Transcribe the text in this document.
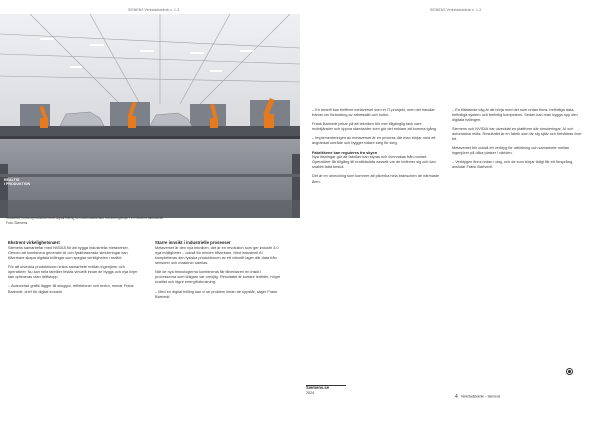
SIEMENS Verkstadsteknik s. 1-3	SIEMENS Verkstadsteknik s. 1-3
REALTID
I PRODUKTION
Industriell fordonsproduktion med digital tvilling och automatiserade monteringslinjer i en modern fabrikshall.
Foto: Siemens
Ekstrent virkelighetsnært

Siemens samarbetar med NVIDIA för att bygga industriella metaverser. Genom att kombinera generativ AI och fysikbaserade simuleringar kan tillverkare skapa digitala tvillingar som speglar verkligheten i realtid.

För att utveckla produktionen krävs samarbete mellan ingenjörer och operatörer. Nu kan hela fabriker testas virtuellt innan de byggs och nya linjer kan optimeras utan driftstopp.

– Avancerad grafik lägger till skuggor, reflektioner och textur, menar Frank Bartvedt, chef för digital industri.

Starre innsikt i industrielle prosesser

Metaverset är den nya tekniken, det är en revolution som ger industri 4.0 nya möjligheter – också för mindre tillverkare. Med industriell AI kompletteras den fysiska produktionen av ett virtuellt lager där data från sensorer och maskiner samlas.

När de nya teknologierna kombineras får tillverkaren en insikt i processerna som tidigare var omöjlig. Resultatet är kortare ledtider, högre kvalitet och lägre energiförbrukning.

– Med en digital tvilling kan vi se problem innan de uppstår, säger Frank Bartvedt.

– En bedrift kan trefferet metaverset som et IT-prosjekt, men det handlar främst om förändring av arbetssätt och kultur.

Frank Bartvedt pekar på att tekniken blir mer tillgänglig tack vare molntjänster och öppna standarder som gör det enklare att komma igång.

– Implementeringen av metaverset är en process där man börjar med ett avgränsat område och bygger vidare steg för steg.

Fabrikkene kan reguleres fra skyen

Nya lösningar gör att fabriker kan styras och övervakas från molnet. Operatörer får tillgång till realtidsdata oavsett var de befinner sig och kan snabbt fatta beslut.

Det är en utveckling som kommer att påverka hela branschen de närmaste åren.

– En tilltalande väg är att börja med det som redan finns: befintliga data, befintliga system och befintlig kompetens. Sedan kan man bygga upp den digitala tvillingen.

Siemens och NVIDIA har utvecklat en plattform där simuleringar, AI och automation möts. Resultatet är en fabrik som lär sig själv och förbättras över tid.

Metaverset blir också ett verktyg för utbildning och samarbete mellan ingenjörer på olika platser i världen.

– Verktygen finns redan i dag, och de som börjar tidigt får ett försprång, avslutar Frank Bartvedt.

Siemens.se
2024
4 Verkstadsteknik – Siemens
